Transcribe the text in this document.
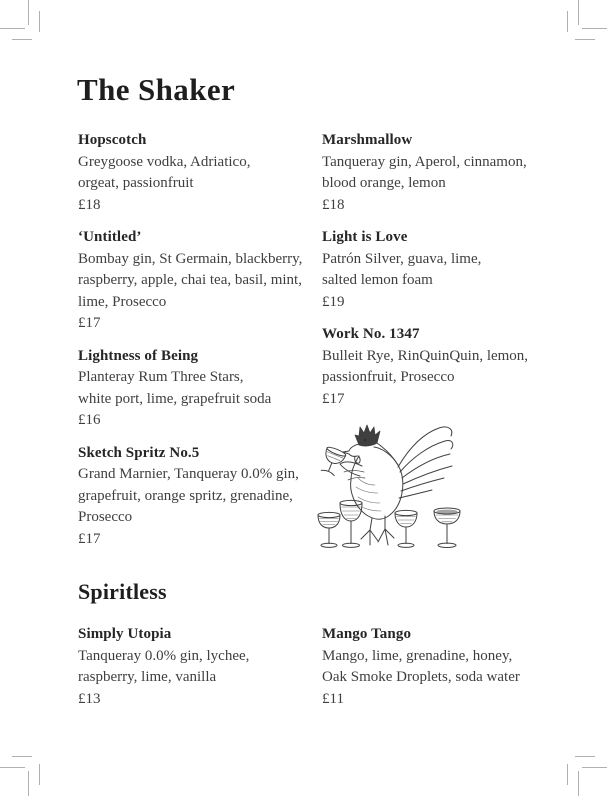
The Shaker
Hopscotch
Greygoose vodka, Adriatico,
orgeat, passionfruit
£18
‘Untitled’
Bombay gin, St Germain, blackberry,
raspberry, apple, chai tea, basil, mint,
lime, Prosecco
£17
Lightness of Being
Planteray Rum Three Stars,
white port, lime, grapefruit soda
£16
Sketch Spritz No.5
Grand Marnier, Tanqueray 0.0% gin,
grapefruit, orange spritz, grenadine,
Prosecco
£17
Marshmallow
Tanqueray gin, Aperol, cinnamon,
blood orange, lemon
£18
Light is Love
Patrón Silver, guava, lime,
salted lemon foam
£19
Work No. 1347
Bulleit Rye, RinQuinQuin, lemon,
passionfruit, Prosecco
£17
Spiritless
Simply Utopia
Tanqueray 0.0% gin, lychee,
raspberry, lime, vanilla
£13
Mango Tango
Mango, lime, grenadine, honey,
Oak Smoke Droplets, soda water
£11
